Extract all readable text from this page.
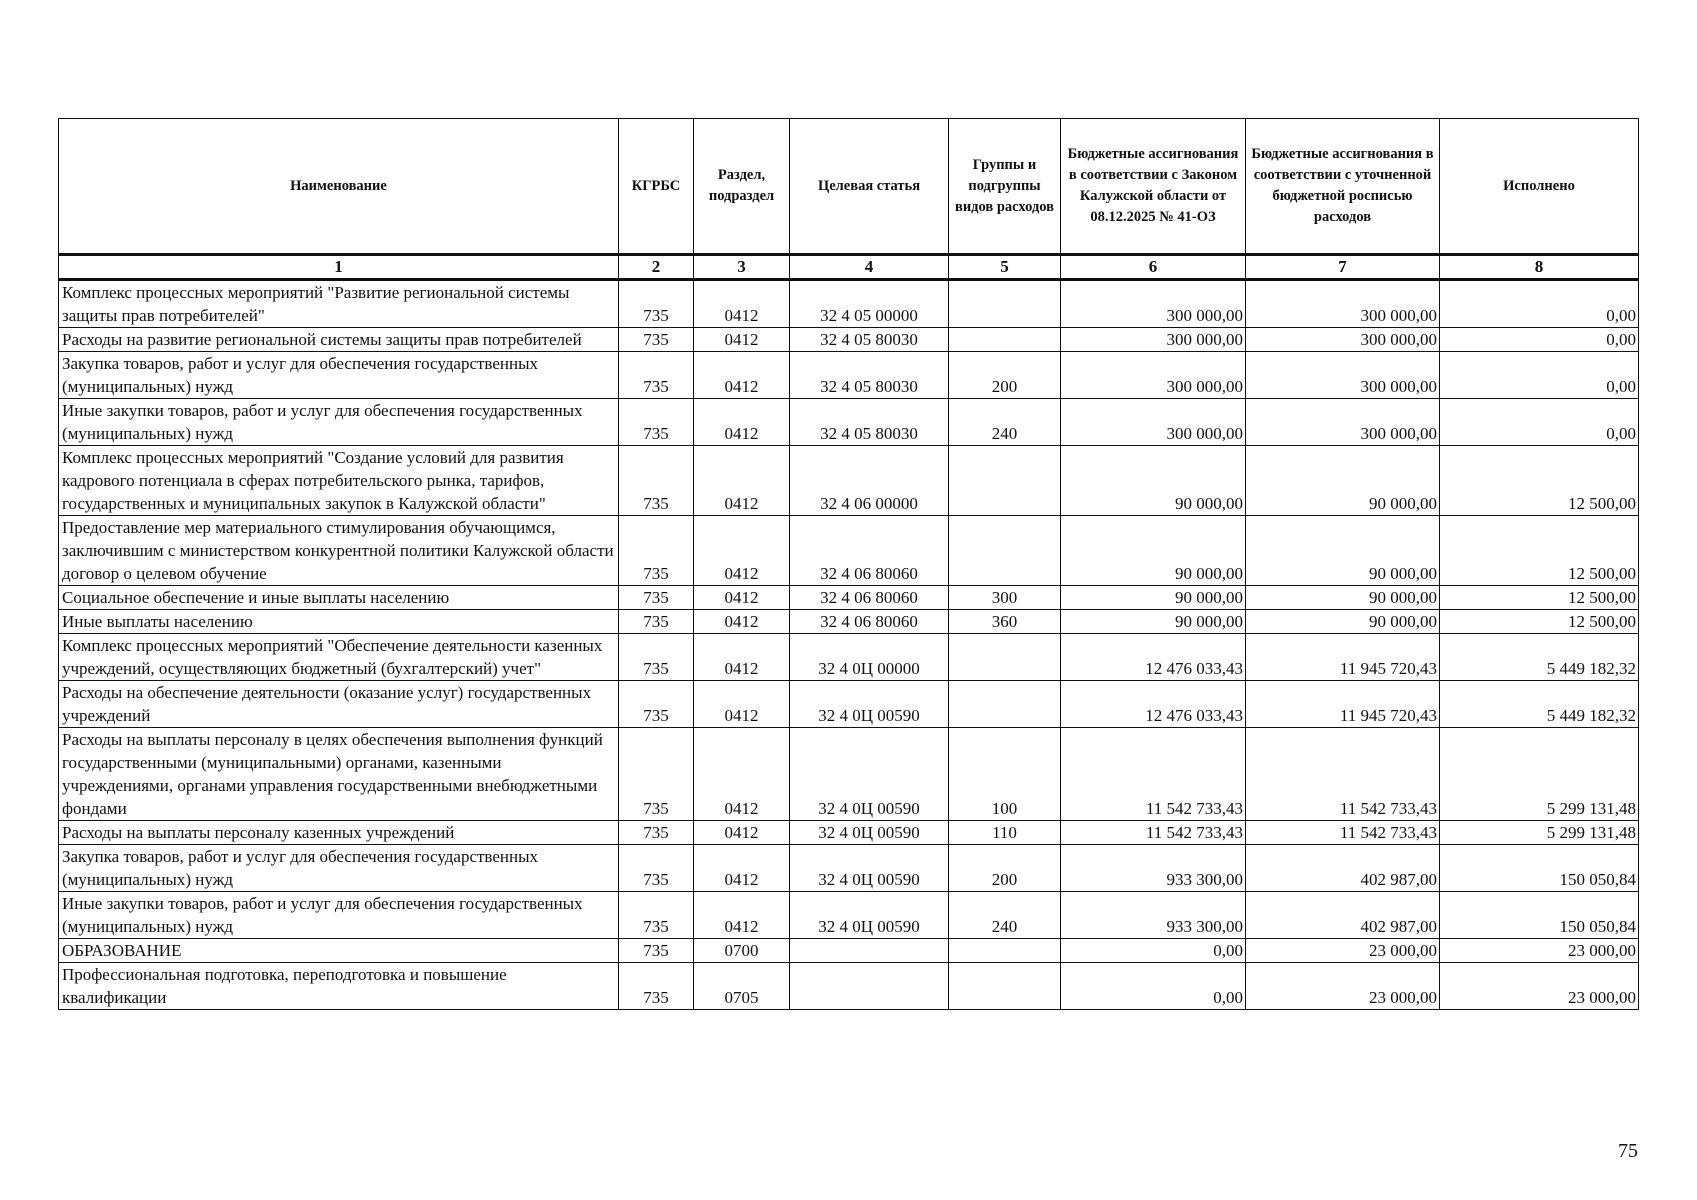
Наименование	КГРБС	Раздел, подраздел	Целевая статья	Группы и подгруппы видов расходов	Бюджетные ассигнования в соответствии с Законом Калужской области от 08.12.2025 № 41-ОЗ	Бюджетные ассигнования в соответствии с уточненной бюджетной росписью расходов	Исполнено
1	2	3	4	5	6	7	8
Комплекс процессных мероприятий "Развитие региональной системы защиты прав потребителей"	735	0412	32 4 05 00000		300 000,00	300 000,00	0,00
Расходы на развитие региональной системы защиты прав потребителей	735	0412	32 4 05 80030		300 000,00	300 000,00	0,00
Закупка товаров, работ и услуг для обеспечения государственных (муниципальных) нужд	735	0412	32 4 05 80030	200	300 000,00	300 000,00	0,00
Иные закупки товаров, работ и услуг для обеспечения государственных (муниципальных) нужд	735	0412	32 4 05 80030	240	300 000,00	300 000,00	0,00
Комплекс процессных мероприятий "Создание условий для развития кадрового потенциала в сферах потребительского рынка, тарифов, государственных и муниципальных закупок в Калужской области"	735	0412	32 4 06 00000		90 000,00	90 000,00	12 500,00
Предоставление мер материального стимулирования обучающимся, заключившим с министерством конкурентной политики Калужской области договор о целевом обучение	735	0412	32 4 06 80060		90 000,00	90 000,00	12 500,00
Социальное обеспечение и иные выплаты населению	735	0412	32 4 06 80060	300	90 000,00	90 000,00	12 500,00
Иные выплаты населению	735	0412	32 4 06 80060	360	90 000,00	90 000,00	12 500,00
Комплекс процессных мероприятий "Обеспечение деятельности казенных учреждений, осуществляющих бюджетный (бухгалтерский) учет"	735	0412	32 4 0Ц 00000		12 476 033,43	11 945 720,43	5 449 182,32
Расходы на обеспечение деятельности (оказание услуг) государственных учреждений	735	0412	32 4 0Ц 00590		12 476 033,43	11 945 720,43	5 449 182,32
Расходы на выплаты персоналу в целях обеспечения выполнения функций государственными (муниципальными) органами, казенными учреждениями, органами управления государственными внебюджетными фондами	735	0412	32 4 0Ц 00590	100	11 542 733,43	11 542 733,43	5 299 131,48
Расходы на выплаты персоналу казенных учреждений	735	0412	32 4 0Ц 00590	110	11 542 733,43	11 542 733,43	5 299 131,48
Закупка товаров, работ и услуг для обеспечения государственных (муниципальных) нужд	735	0412	32 4 0Ц 00590	200	933 300,00	402 987,00	150 050,84
Иные закупки товаров, работ и услуг для обеспечения государственных (муниципальных) нужд	735	0412	32 4 0Ц 00590	240	933 300,00	402 987,00	150 050,84
ОБРАЗОВАНИЕ	735	0700			0,00	23 000,00	23 000,00
Профессиональная подготовка, переподготовка и повышение квалификации	735	0705			0,00	23 000,00	23 000,00
75
